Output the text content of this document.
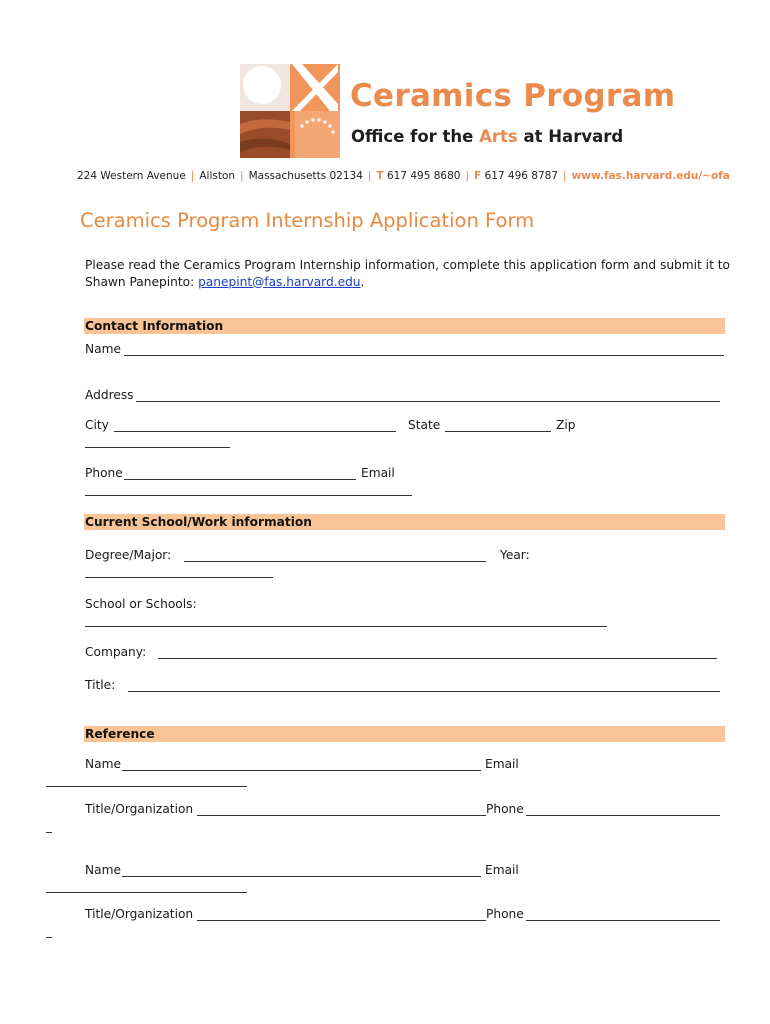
Ceramics Program
Office for the Arts at Harvard
224 Western Avenue | Allston | Massachusetts 02134 | T 617 495 8680 | F 617 496 8787 | www.fas.harvard.edu/~ofa
Ceramics Program Internship Application Form
Please read the Ceramics Program Internship information, complete this application form and submit it to Shawn Panepinto: panepint@fas.harvard.edu.
Contact Information
Name
Address
City	State	Zip
Phone	Email
Current School/Work information
Degree/Major:	Year:
School or Schools:
Company:
Title:
Reference
Name	Email
Title/Organization	Phone
Name	Email
Title/Organization	Phone
